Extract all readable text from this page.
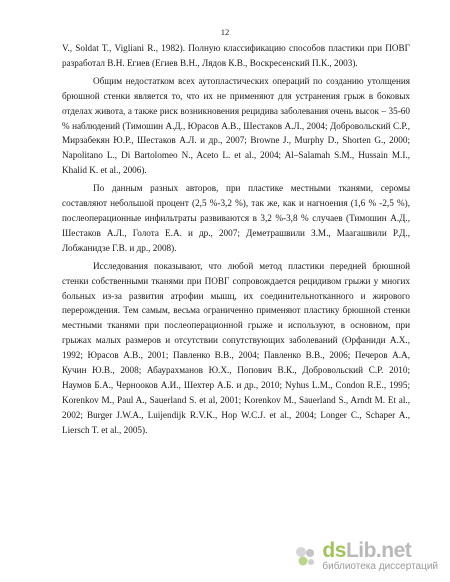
12

V., Soldat T., Vigliani R., 1982). Полную классификацию способов пластики при ПОВГ разработал В.Н. Егиев (Егиев В.Н., Лядов К.В., Воскресенский П.К., 2003).

Общим недостатком всех аутопластических операций по созданию утолщения брюшной стенки является то, что их не применяют для устранения грыж в боковых отделах живота, а также риск возникновения рецидива заболевания очень высок – 35-60 % наблюдений (Тимошин А.Д., Юрасов А.В., Шестаков А.Л., 2004; Добровольский С.Р., Мирзабекян Ю.Р., Шестаков А.Л. и др., 2007; Browne J., Murphy D., Shorten G., 2000; Napolitano L., Di Bartolomeo N., Aceto L. et al., 2004; Al–Salamah S.M., Hussain M.I., Khalid K. et al., 2006).

По данным разных авторов, при пластике местными тканями, серомы составляют небольшой процент (2,5 %-3,2 %), так же, как и нагноения (1,6 % -2,5 %), послеоперационные инфильтраты развиваются в 3,2 %-3,8 % случаев (Тимошин А.Д., Шестаков А.Л., Голота Е.А. и др., 2007; Деметрашвили З.М., Маагашвили Р.Д., Лобжанидзе Г.В. и др., 2008).

Исследования показывают, что любой метод пластики передней брюшной стенки собственными тканями при ПОВГ сопровождается рецидивом грыжи у многих больных из-за развития атрофии мышц, их соединительнотканного и жирового перерождения. Тем самым, весьма ограниченно применяют пластику брюшной стенки местными тканями при послеоперационной грыже и используют, в основном, при грыжах малых размеров и отсутствии сопутствующих заболеваний (Орфаниди А.Х., 1992; Юрасов А.В., 2001; Павленко В.В., 2004; Павленко В.В., 2006; Печеров А.А, Кучин Ю.В., 2008; Абаурахманов Ю.Х., Попович В.К., Добровольский С.Р. 2010; Наумов Б.А., Чернооков А.И., Шехтер А.Б. и др., 2010; Nyhus L.M., Condon R.E., 1995; Korenkov M., Paul A., Sauerland S. et al, 2001; Korenkov M., Sauerland S., Arndt M. Et al., 2002; Burger J.W.A., Luijendijk R.V.K., Hop W.C.J. et al., 2004; Longer C., Schaper A., Liersch T. et al., 2005).

dsLib.net
библиотека диссертаций
